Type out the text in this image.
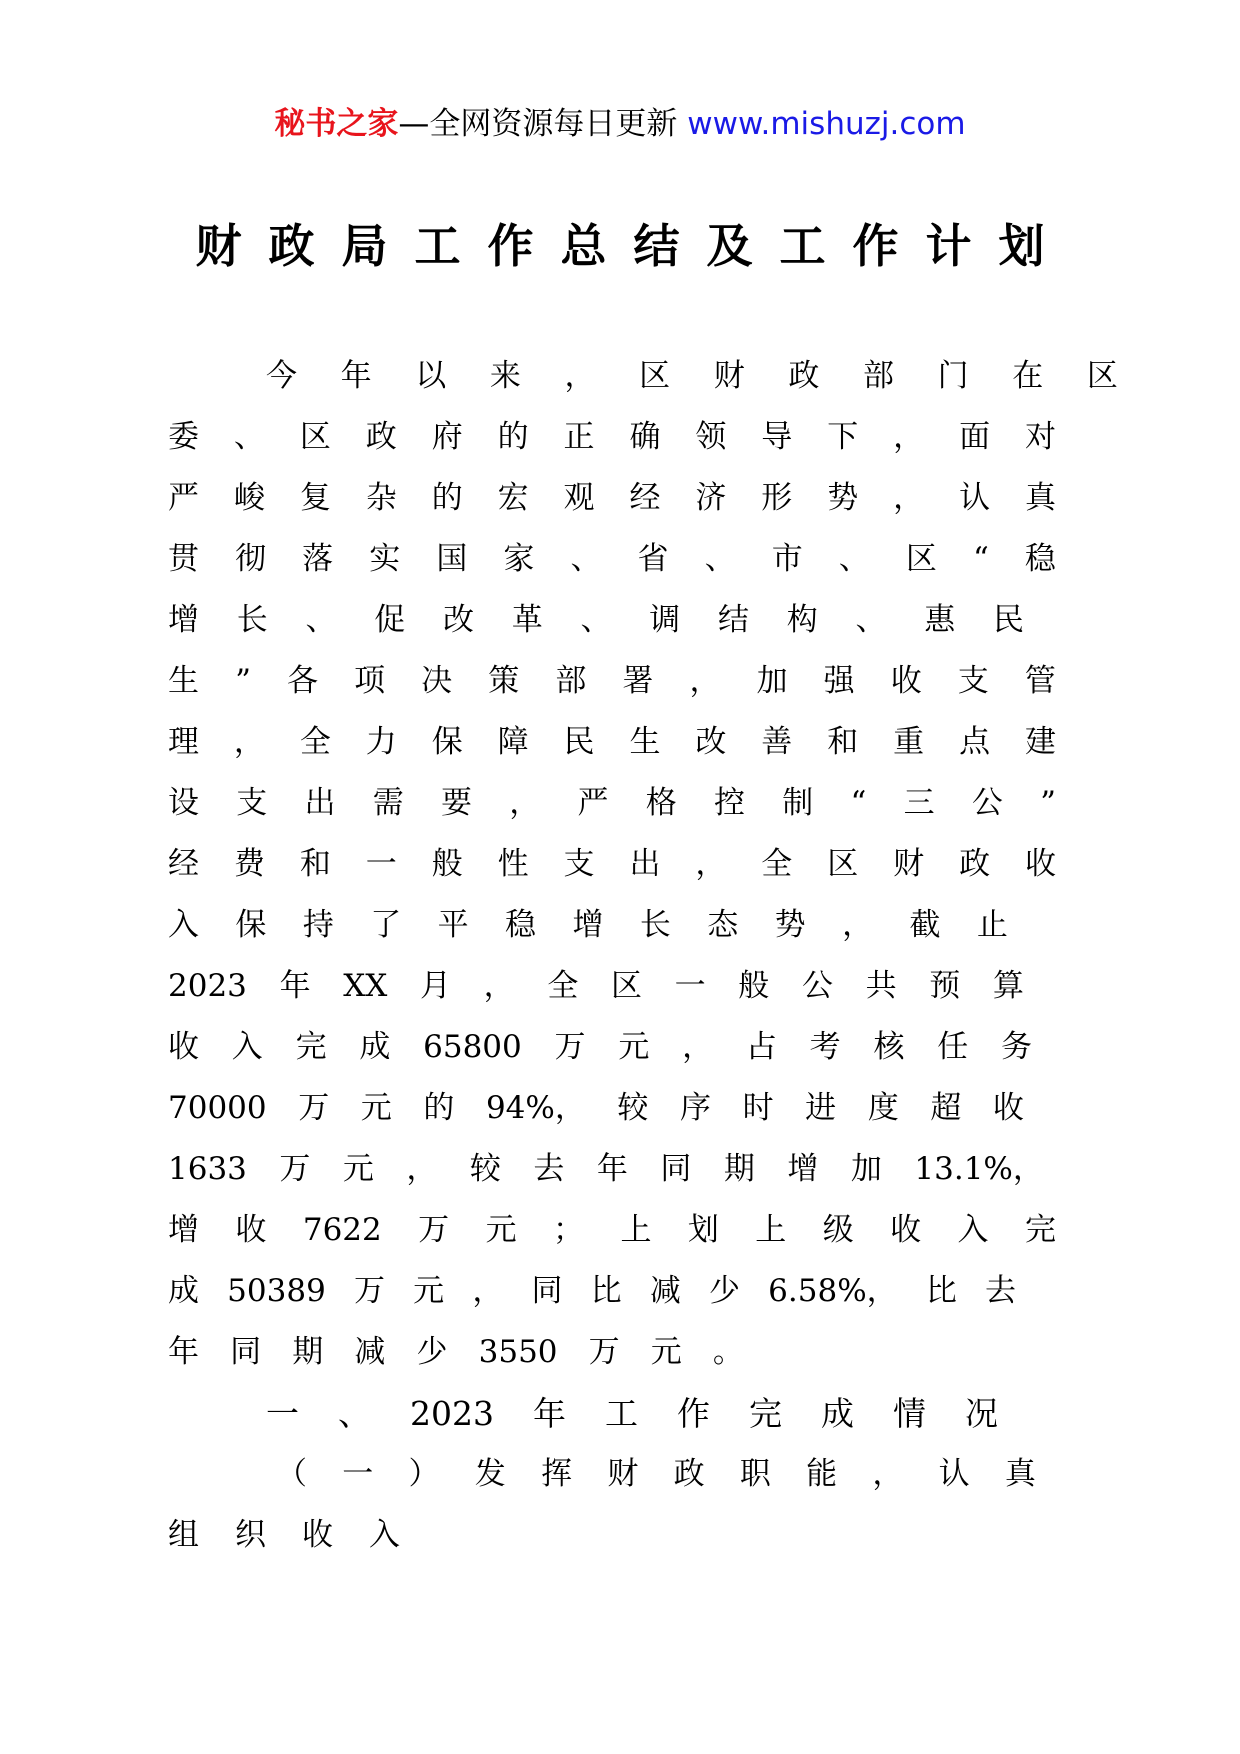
秘书之家—全网资源每日更新 www.mishuzj.com
财政局工作总结及工作计划
今 年 以 来 ， 区 财 政 部 门 在 区
委 、 区 政 府 的 正 确 领 导 下 ， 面 对
严 峻 复 杂 的 宏 观 经 济 形 势 ， 认 真
贯 彻 落 实 国 家 、 省 、 市 、 区 “ 稳
增 长 、 促 改 革 、 调 结 构 、 惠 民
生 ” 各 项 决 策 部 署 ， 加 强 收 支 管
理 ， 全 力 保 障 民 生 改 善 和 重 点 建
设 支 出 需 要 ， 严 格 控 制 “ 三 公 ”
经 费 和 一 般 性 支 出 ， 全 区 财 政 收
入 保 持 了 平 稳 增 长 态 势 ， 截 止
2023 年 XX 月 ， 全 区 一 般 公 共 预 算
收 入 完 成 65800 万 元 ， 占 考 核 任 务
70000 万 元 的 94%， 较 序 时 进 度 超 收
1633 万 元 ， 较 去 年 同 期 增 加 13.1%，
增 收 7622 万 元 ； 上 划 上 级 收 入 完
成 50389 万 元 ， 同 比 减 少 6.58%， 比 去
年 同 期 减 少 3550 万 元 。
一 、 2023 年 工 作 完 成 情 况
（ 一 ） 发 挥 财 政 职 能 ， 认 真
组 织 收 入
